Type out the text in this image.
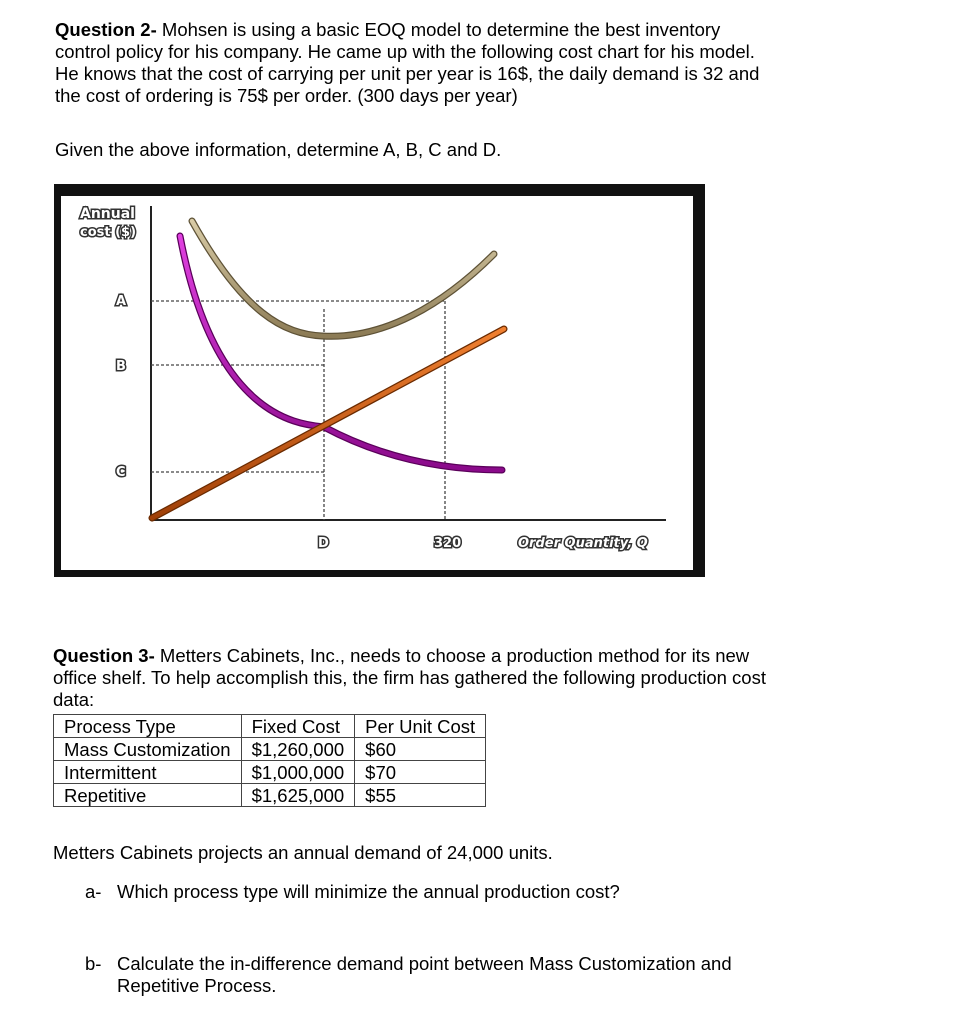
Question 2- Mohsen is using a basic EOQ model to determine the best inventory
control policy for his company. He came up with the following cost chart for his model.
He knows that the cost of carrying per unit per year is 16$, the daily demand is 32 and
the cost of ordering is 75$ per order. (300 days per year)
Given the above information, determine A, B, C and D.
Annual
cost ($)
A
B
C
D	320	Order Quantity, Q
Question 3- Metters Cabinets, Inc., needs to choose a production method for its new
office shelf. To help accomplish this, the firm has gathered the following production cost
data:
Process Type	Fixed Cost	Per Unit Cost
Mass Customization	$1,260,000	$60
Intermittent	$1,000,000	$70
Repetitive	$1,625,000	$55
Metters Cabinets projects an annual demand of 24,000 units.
a- Which process type will minimize the annual production cost?
b- Calculate the in-difference demand point between Mass Customization and
Repetitive Process.
